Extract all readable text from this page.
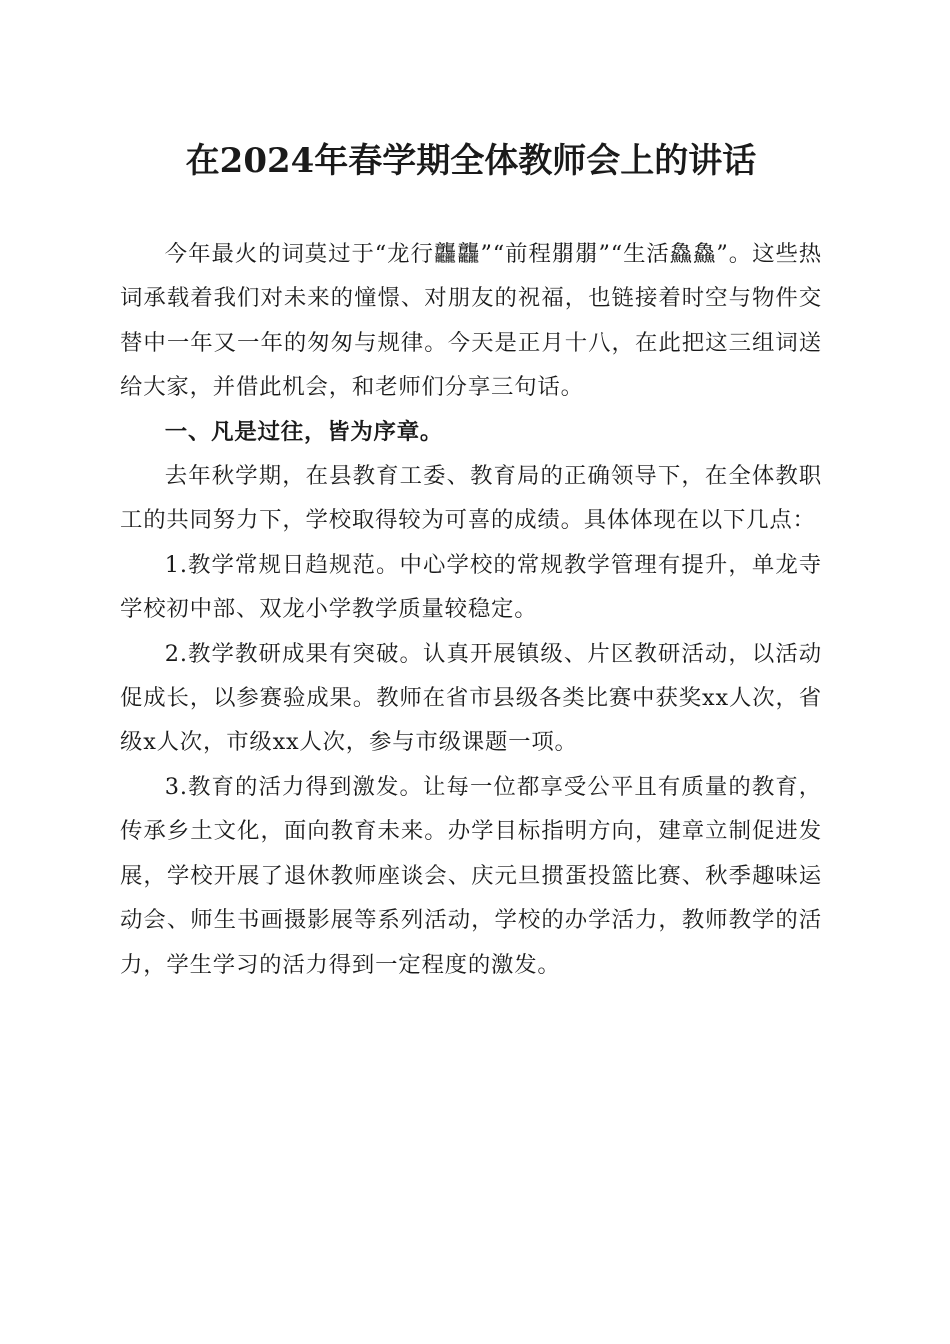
在2024年春学期全体教师会上的讲话

今年最火的词莫过于“龙行龘龘”“前程朤朤”“生活鱻鱻”。这些热词承载着我们对未来的憧憬、对朋友的祝福，也链接着时空与物件交替中一年又一年的匆匆与规律。今天是正月十八，在此把这三组词送给大家，并借此机会，和老师们分享三句话。

一、凡是过往，皆为序章。

去年秋学期，在县教育工委、教育局的正确领导下，在全体教职工的共同努力下，学校取得较为可喜的成绩。具体体现在以下几点：

1.教学常规日趋规范。中心学校的常规教学管理有提升，单龙寺学校初中部、双龙小学教学质量较稳定。

2.教学教研成果有突破。认真开展镇级、片区教研活动，以活动促成长，以参赛验成果。教师在省市县级各类比赛中获奖xx人次，省级x人次，市级xx人次，参与市级课题一项。

3.教育的活力得到激发。让每一位都享受公平且有质量的教育，传承乡土文化，面向教育未来。办学目标指明方向，建章立制促进发展，学校开展了退休教师座谈会、庆元旦掼蛋投篮比赛、秋季趣味运动会、师生书画摄影展等系列活动，学校的办学活力，教师教学的活力，学生学习的活力得到一定程度的激发。
